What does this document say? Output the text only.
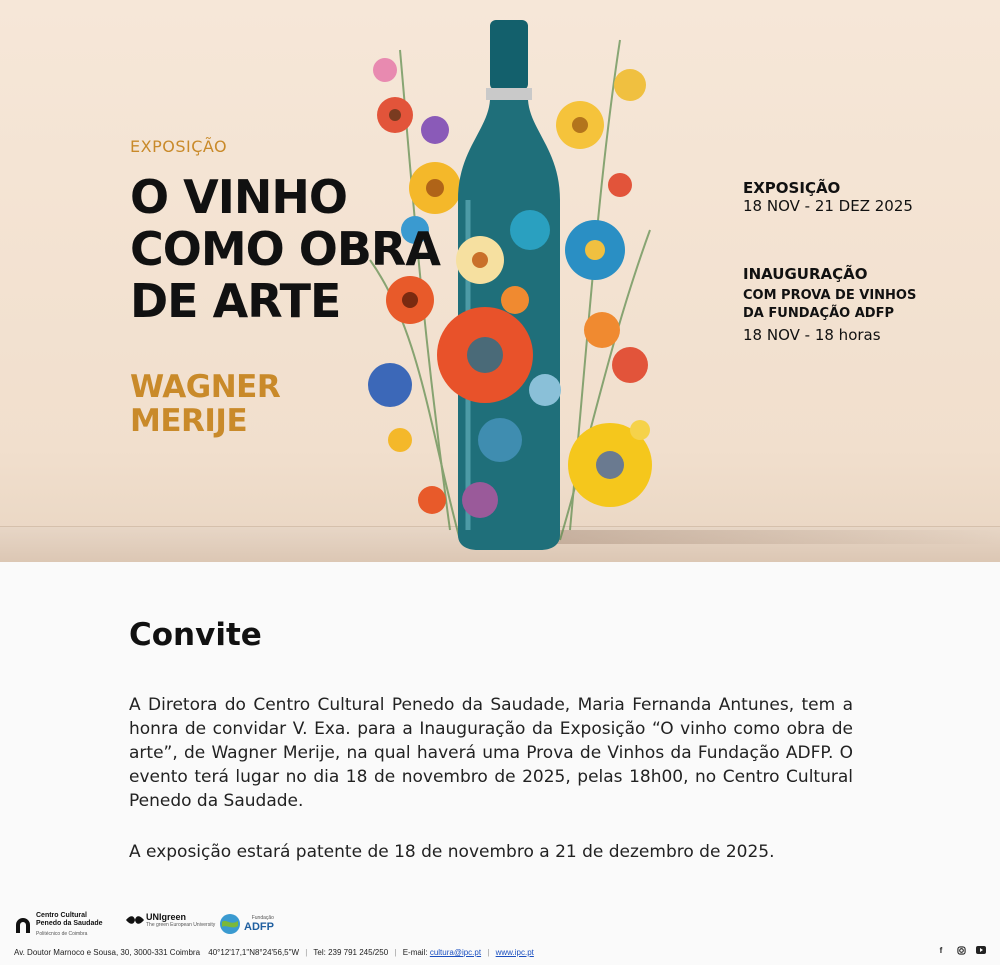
EXPOSIÇÃO
O VINHO
COMO OBRA
DE ARTE
WAGNER
MERIJE
EXPOSIÇÃO
18 NOV - 21 DEZ 2025
INAUGURAÇÃO
COM PROVA DE VINHOS
DA FUNDAÇÃO ADFP
18 NOV - 18 horas
Convite

A Diretora do Centro Cultural Penedo da Saudade, Maria Fernanda Antunes, tem a honra de convidar V. Exa. para a Inauguração da Exposição “O vinho como obra de arte”, de Wagner Merije, na qual haverá uma Prova de Vinhos da Fundação ADFP. O evento terá lugar no dia 18 de novembro de 2025, pelas 18h00, no Centro Cultural Penedo da Saudade.

A exposição estará patente de 18 de novembro a 21 de dezembro de 2025.

Centro Cultural
Penedo da Saudade
Politécnico de Coimbra
UNIgreen
The green European University
Fundação
ADFP
Av. Doutor Marnoco e Sousa, 30, 3000-331 Coimbra 40°12'17,1"N8°24'56,5"W | Tel: 239 791 245/250 | E-mail: cultura@ipc.pt | www.ipc.pt	f
